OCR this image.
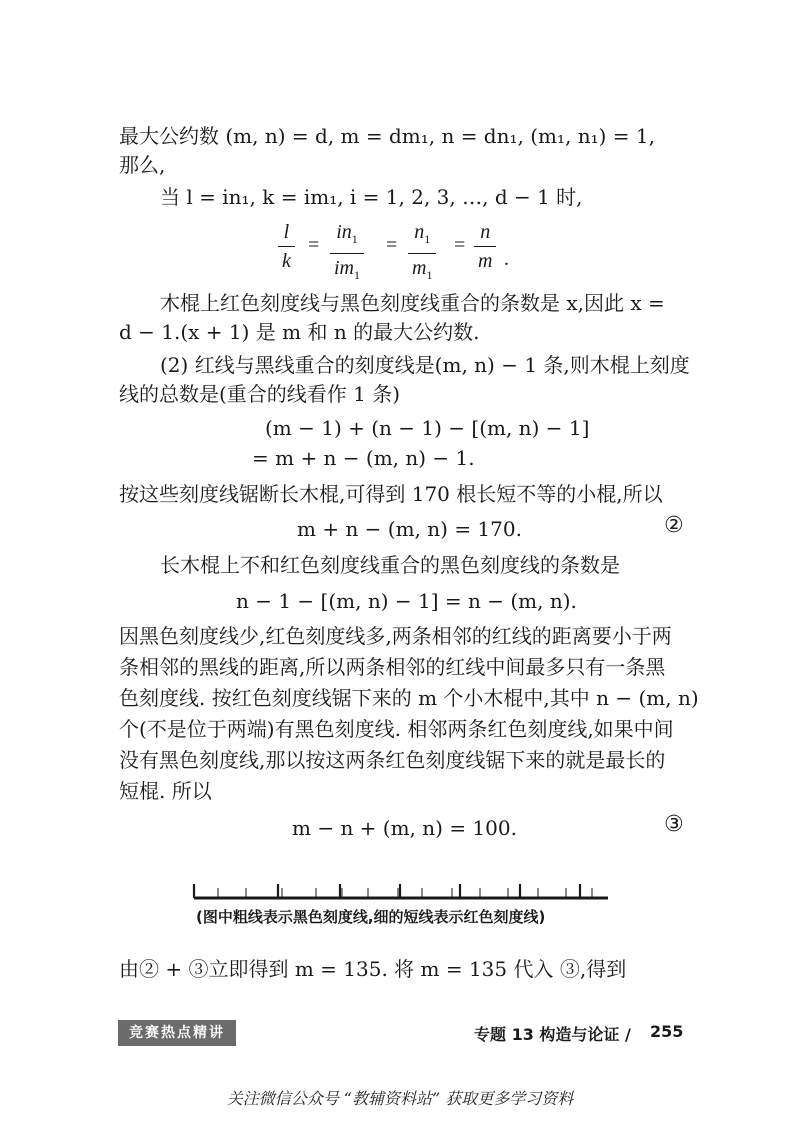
最大公约数 (m, n) = d, m = dm₁, n = dn₁, (m₁, n₁) = 1,
那么,
当 l = in₁, k = im₁, i = 1, 2, 3, …, d − 1 时,
$\frac{l}{k} = \frac{in_1}{im_1} = \frac{n_1}{m_1} = \frac{n}{m}$ .
木棍上红色刻度线与黑色刻度线重合的条数是 x,因此 x =
d − 1.(x + 1) 是 m 和 n 的最大公约数.
(2) 红线与黑线重合的刻度线是(m, n) − 1 条,则木棍上刻度
线的总数是(重合的线看作 1 条)
(m − 1) + (n − 1) − [(m, n) − 1]
= m + n − (m, n) − 1.
按这些刻度线锯断长木棍,可得到 170 根长短不等的小棍,所以
m + n − (m, n) = 170.	②
长木棍上不和红色刻度线重合的黑色刻度线的条数是
n − 1 − [(m, n) − 1] = n − (m, n).
因黑色刻度线少,红色刻度线多,两条相邻的红线的距离要小于两
条相邻的黑线的距离,所以两条相邻的红线中间最多只有一条黑
色刻度线. 按红色刻度线锯下来的 m 个小木棍中,其中 n − (m, n)
个(不是位于两端)有黑色刻度线. 相邻两条红色刻度线,如果中间
没有黑色刻度线,那以按这两条红色刻度线锯下来的就是最长的
短棍. 所以
m − n + (m, n) = 100.	③
(图中粗线表示黑色刻度线,细的短线表示红色刻度线)
由② + ③立即得到 m = 135. 将 m = 135 代入 ③,得到
竞赛热点精讲	专题 13 构造与论证 / 255
关注微信公众号 “教辅资料站” 获取更多学习资料
